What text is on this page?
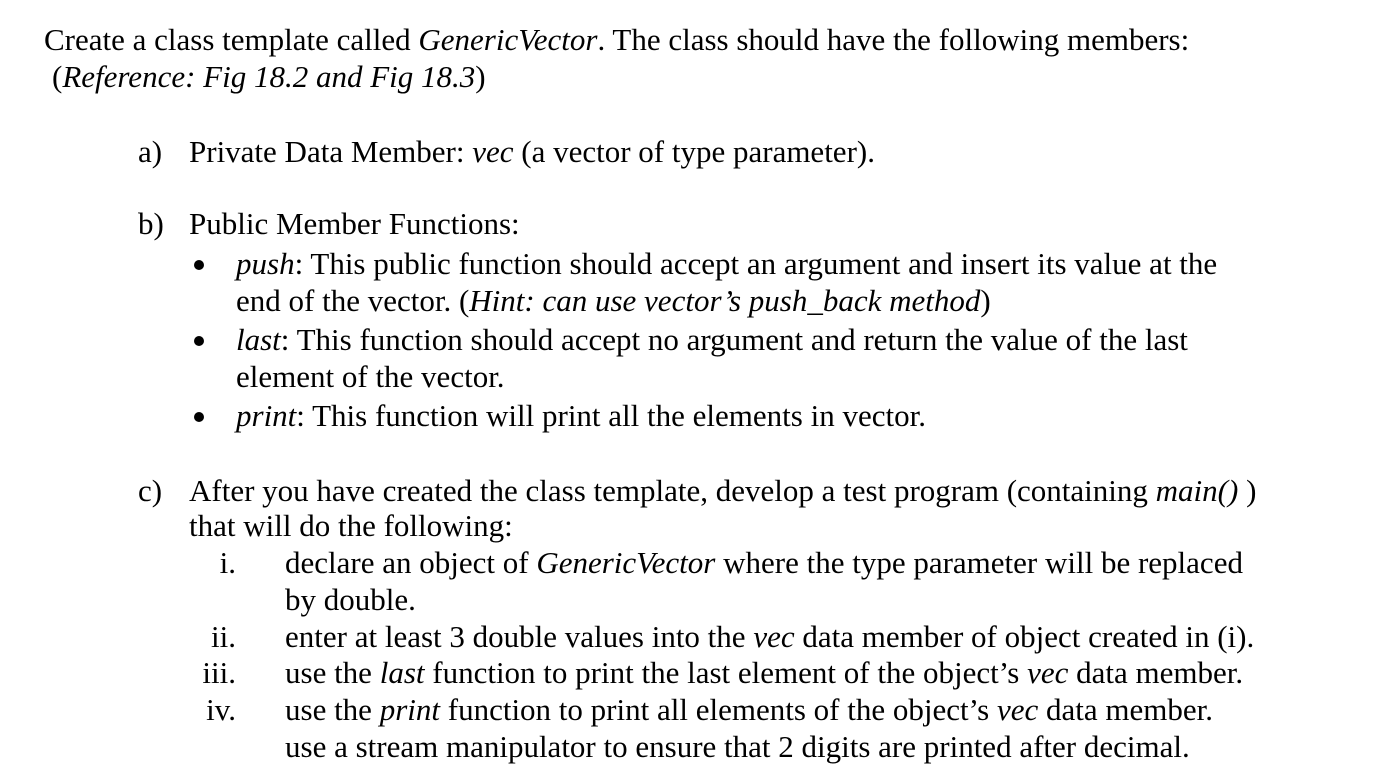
Create a class template called GenericVector. The class should have the following members:
(Reference: Fig 18.2 and Fig 18.3)
a) Private Data Member: vec (a vector of type parameter).
b) Public Member Functions:
push: This public function should accept an argument and insert its value at the
end of the vector. (Hint: can use vector’s push_back method)
last: This function should accept no argument and return the value of the last
element of the vector.
print: This function will print all the elements in vector.
c) After you have created the class template, develop a test program (containing main() )
that will do the following:
i. declare an object of GenericVector where the type parameter will be replaced
by double.
ii. enter at least 3 double values into the vec data member of object created in (i).
iii. use the last function to print the last element of the object’s vec data member.
iv. use the print function to print all elements of the object’s vec data member.
use a stream manipulator to ensure that 2 digits are printed after decimal.
